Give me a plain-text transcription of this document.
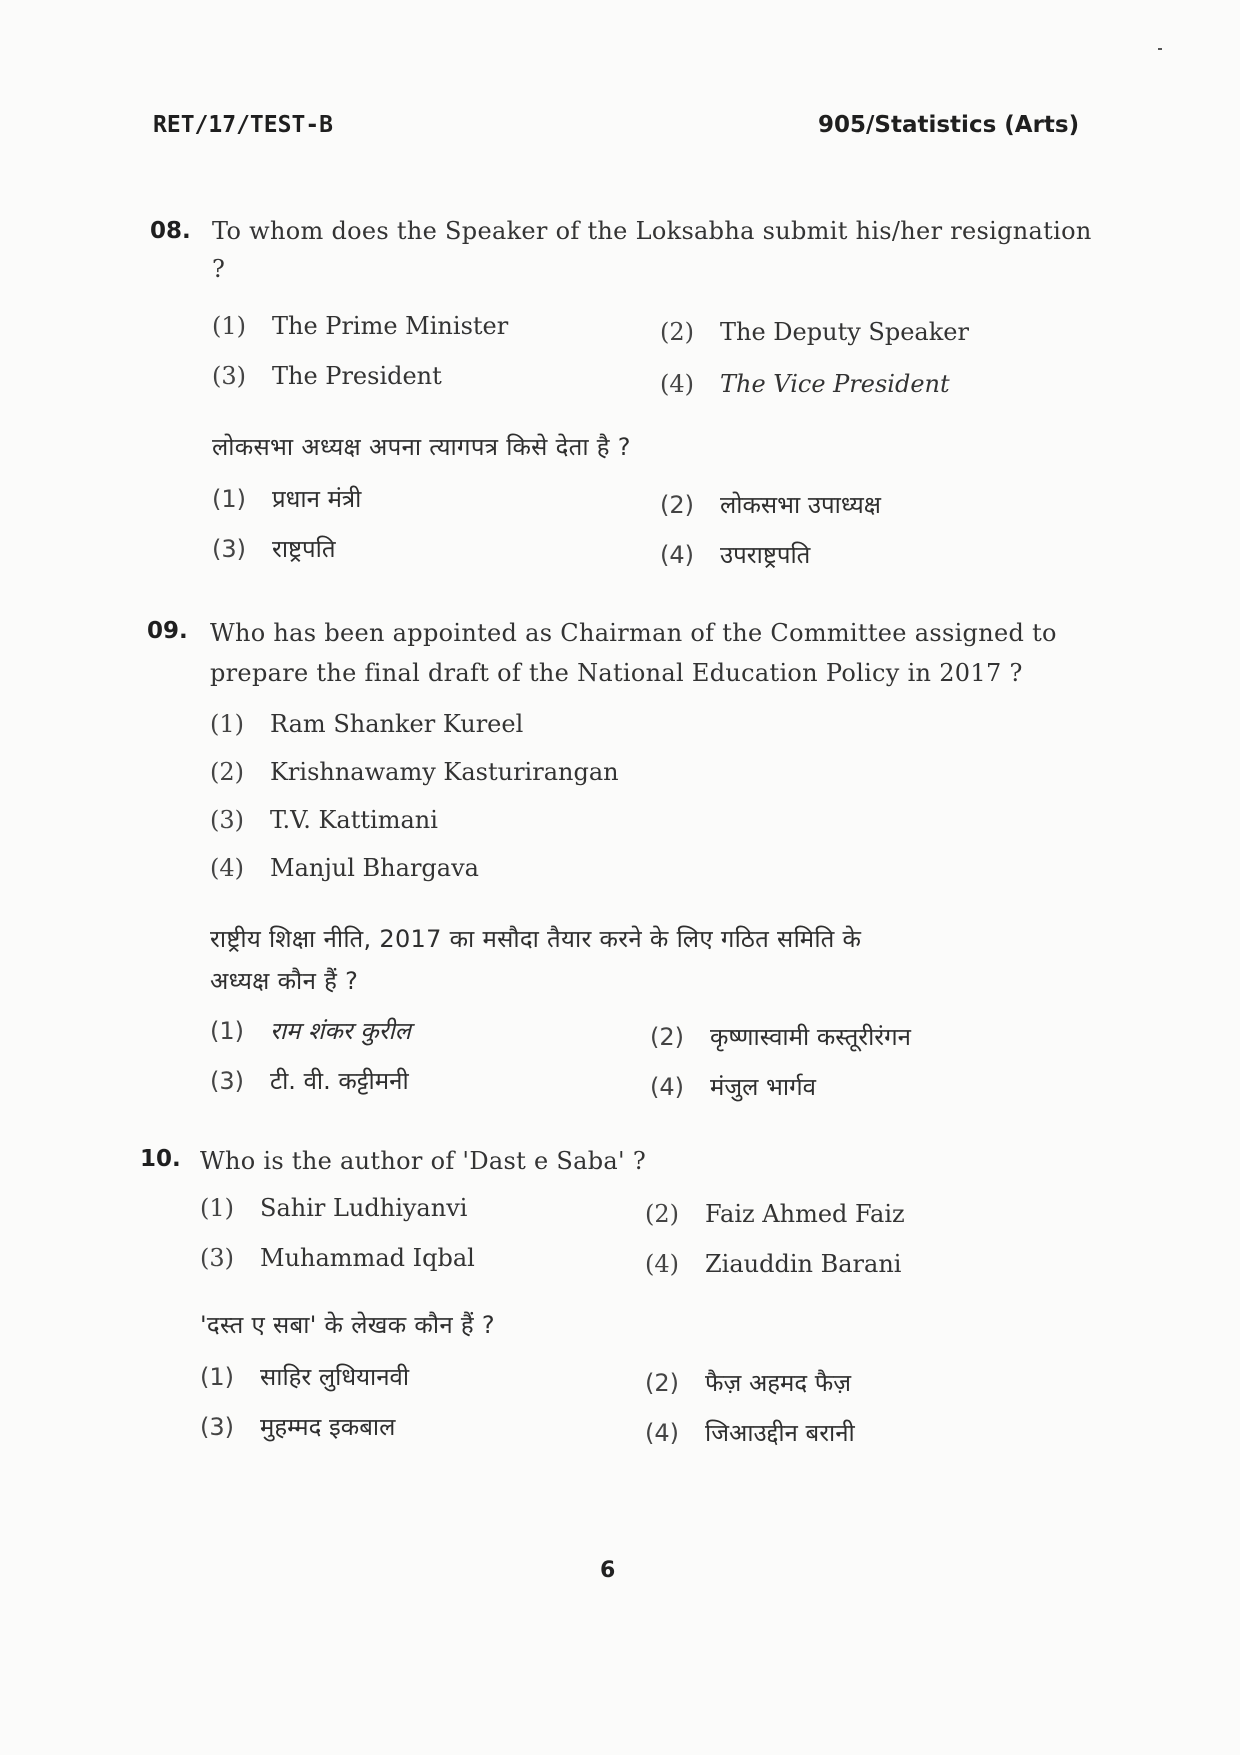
RET/17/TEST-B	905/Statistics (Arts)
08. To whom does the Speaker of the Loksabha submit his/her resignation ?
(1) The Prime Minister	(2) The Deputy Speaker
(3) The President	(4) The Vice President
लोकसभा अध्यक्ष अपना त्यागपत्र किसे देता है ?
(1) प्रधान मंत्री	(2) लोकसभा उपाध्यक्ष
(3) राष्ट्रपति	(4) उपराष्ट्रपति
09. Who has been appointed as Chairman of the Committee assigned to
prepare the final draft of the National Education Policy in 2017 ?
(1) Ram Shanker Kureel
(2) Krishnawamy Kasturirangan
(3) T.V. Kattimani
(4) Manjul Bhargava
राष्ट्रीय शिक्षा नीति, 2017 का मसौदा तैयार करने के लिए गठित समिति के
अध्यक्ष कौन हैं ?
(1) राम शंकर कुरील	(2) कृष्णास्वामी कस्तूरीरंगन
(3) टी. वी. कट्टीमनी	(4) मंजुल भार्गव
10. Who is the author of 'Dast e Saba' ?
(1) Sahir Ludhiyanvi	(2) Faiz Ahmed Faiz
(3) Muhammad Iqbal	(4) Ziauddin Barani
'दस्त ए सबा' के लेखक कौन हैं ?
(1) साहिर लुधियानवी	(2) फैज़ अहमद फैज़
(3) मुहम्मद इकबाल	(4) जिआउद्दीन बरानी
6
